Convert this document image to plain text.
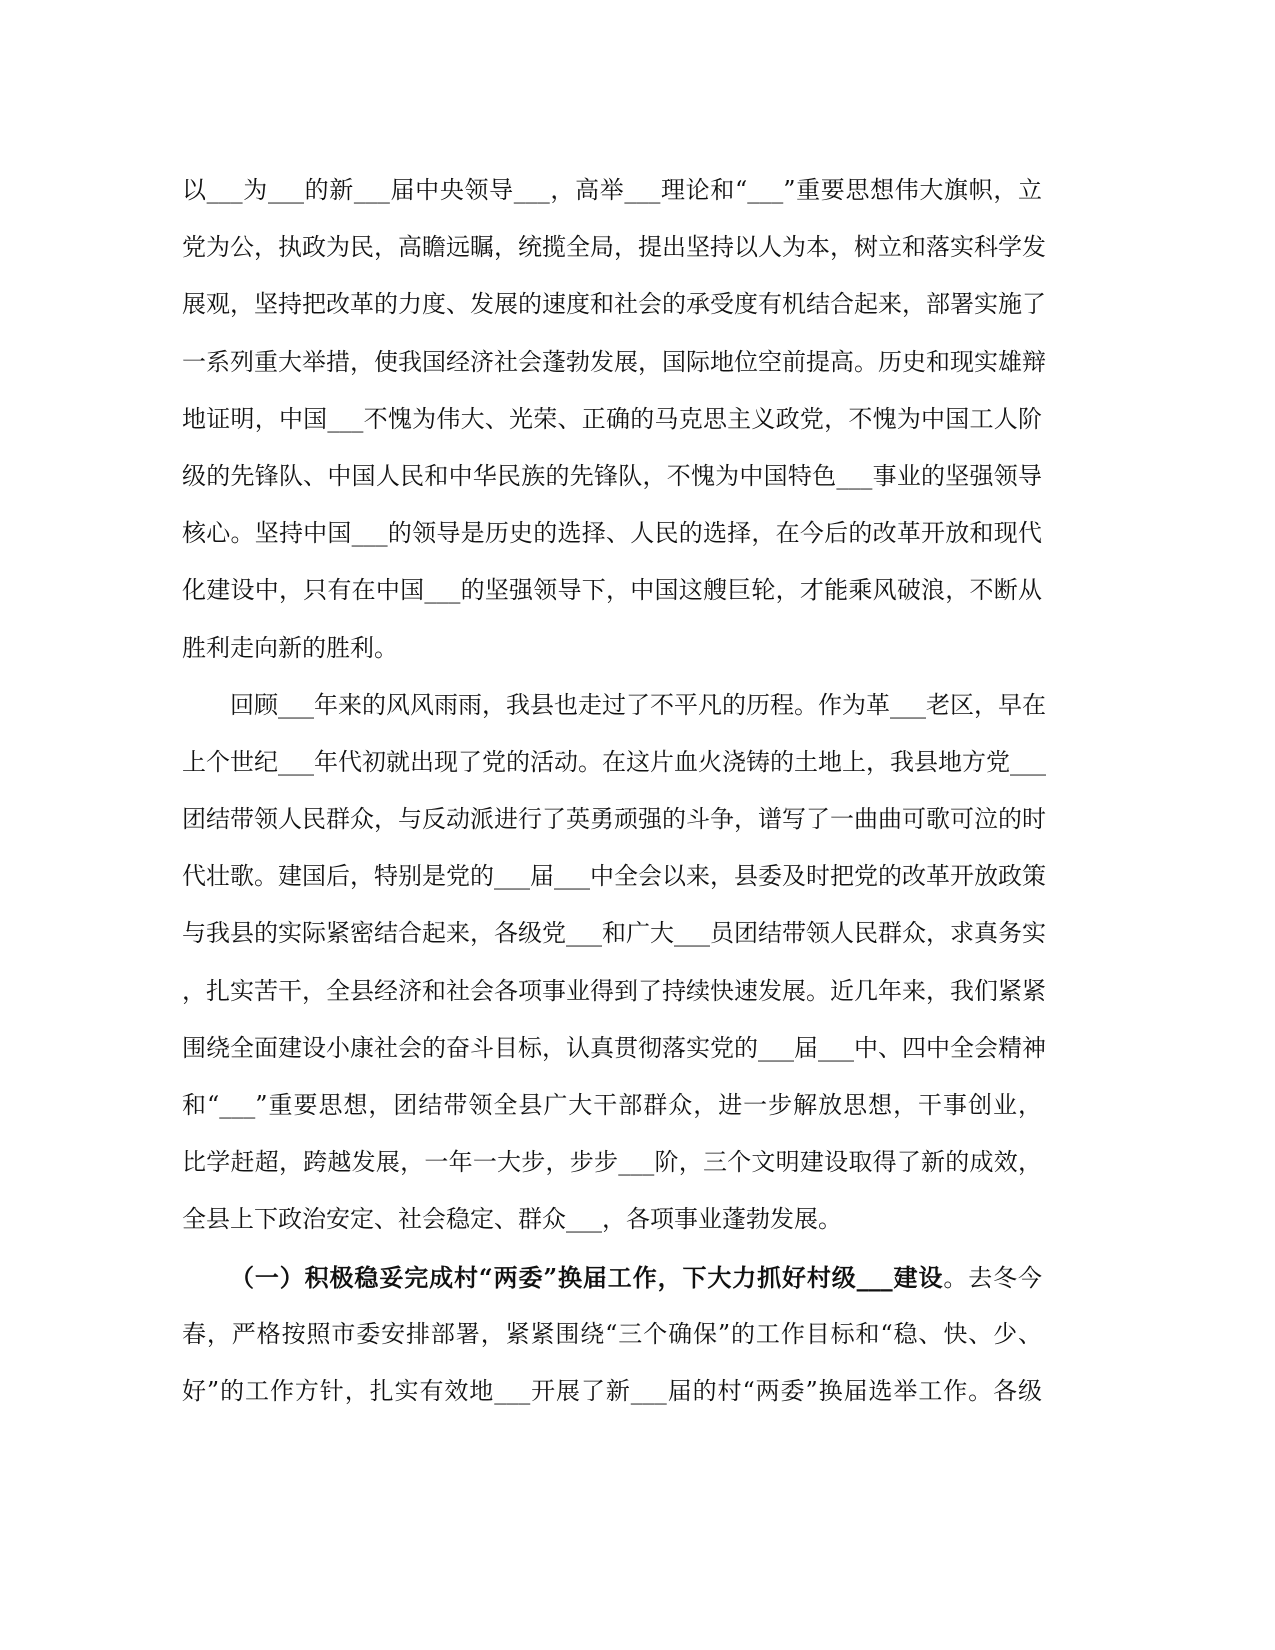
以___为___的新___届中央领导___，高举___理论和“___”重要思想伟大旗帜，立
党为公，执政为民，高瞻远瞩，统揽全局，提出坚持以人为本，树立和落实科学发
展观，坚持把改革的力度、发展的速度和社会的承受度有机结合起来，部署实施了
一系列重大举措，使我国经济社会蓬勃发展，国际地位空前提高。历史和现实雄辩
地证明，中国___不愧为伟大、光荣、正确的马克思主义政党，不愧为中国工人阶
级的先锋队、中国人民和中华民族的先锋队，不愧为中国特色___事业的坚强领导
核心。坚持中国___的领导是历史的选择、人民的选择，在今后的改革开放和现代
化建设中，只有在中国___的坚强领导下，中国这艘巨轮，才能乘风破浪，不断从
胜利走向新的胜利。
回顾___年来的风风雨雨，我县也走过了不平凡的历程。作为革___老区，早在
上个世纪___年代初就出现了党的活动。在这片血火浇铸的土地上，我县地方党___
团结带领人民群众，与反动派进行了英勇顽强的斗争，谱写了一曲曲可歌可泣的时
代壮歌。建国后，特别是党的___届___中全会以来，县委及时把党的改革开放政策
与我县的实际紧密结合起来，各级党___和广大___员团结带领人民群众，求真务实
，扎实苦干，全县经济和社会各项事业得到了持续快速发展。近几年来，我们紧紧
围绕全面建设小康社会的奋斗目标，认真贯彻落实党的___届___中、四中全会精神
和“___”重要思想，团结带领全县广大干部群众，进一步解放思想，干事创业，
比学赶超，跨越发展，一年一大步，步步___阶，三个文明建设取得了新的成效，
全县上下政治安定、社会稳定、群众___，各项事业蓬勃发展。
（一）积极稳妥完成村“两委”换届工作，下大力抓好村级___建设。去冬今
春，严格按照市委安排部署，紧紧围绕“三个确保”的工作目标和“稳、快、少、
好”的工作方针，扎实有效地___开展了新___届的村“两委”换届选举工作。各级
